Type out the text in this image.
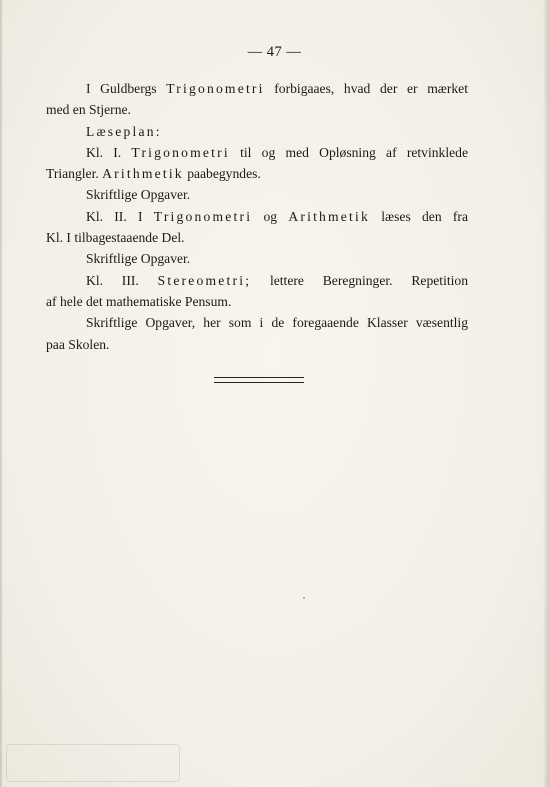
— 47 —
I Guldbergs Trigonometri forbigaaes, hvad der er mærket
med en Stjerne.
Læseplan:
Kl. I. Trigonometri til og med Opløsning af retvinklede
Triangler. Arithmetik paabegyndes.
Skriftlige Opgaver.
Kl. II. I Trigonometri og Arithmetik læses den fra
Kl. I tilbagestaaende Del.
Skriftlige Opgaver.
Kl. III. Stereometri; lettere Beregninger. Repetition
af hele det mathematiske Pensum.
Skriftlige Opgaver, her som i de foregaaende Klasser væsentlig
paa Skolen.
